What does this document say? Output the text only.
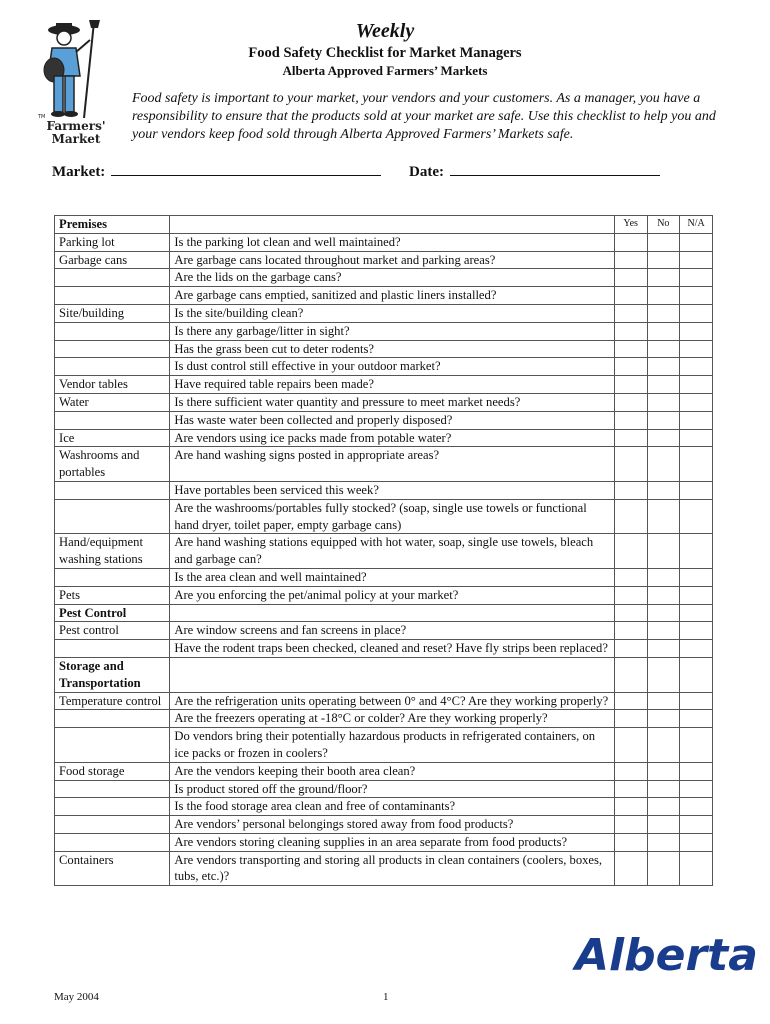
TM
Farmers'
Market
Weekly
Food Safety Checklist for Market Managers
Alberta Approved Farmers’ Markets
Food safety is important to your market, your vendors and your customers. As a manager, you have a responsibility to ensure that the products sold at your market are safe. Use this checklist to help you and your vendors keep food sold through Alberta Approved Farmers’ Markets safe.
Market:	Date:
Premises		Yes	No	N/A
Parking lot	Is the parking lot clean and well maintained?			
Garbage cans	Are garbage cans located throughout market and parking areas?			
	Are the lids on the garbage cans?			
	Are garbage cans emptied, sanitized and plastic liners installed?			
Site/building	Is the site/building clean?			
	Is there any garbage/litter in sight?			
	Has the grass been cut to deter rodents?			
	Is dust control still effective in your outdoor market?			
Vendor tables	Have required table repairs been made?			
Water	Is there sufficient water quantity and pressure to meet market needs?			
	Has waste water been collected and properly disposed?			
Ice	Are vendors using ice packs made from potable water?			
Washrooms and portables	Are hand washing signs posted in appropriate areas?			
	Have portables been serviced this week?			
	Are the washrooms/portables fully stocked? (soap, single use towels or functional hand dryer, toilet paper, empty garbage cans)			
Hand/equipment washing stations	Are hand washing stations equipped with hot water, soap, single use towels, bleach and garbage can?			
	Is the area clean and well maintained?			
Pets	Are you enforcing the pet/animal policy at your market?			
Pest Control				
Pest control	Are window screens and fan screens in place?			
	Have the rodent traps been checked, cleaned and reset? Have fly strips been replaced?			
Storage and Transportation				
Temperature control	Are the refrigeration units operating between 0° and 4°C? Are they working properly?			
	Are the freezers operating at -18°C or colder? Are they working properly?			
	Do vendors bring their potentially hazardous products in refrigerated containers, on ice packs or frozen in coolers?			
Food storage	Are the vendors keeping their booth area clean?			
	Is product stored off the ground/floor?			
	Is the food storage area clean and free of contaminants?			
	Are vendors’ personal belongings stored away from food products?			
	Are vendors storing cleaning supplies in an area separate from food products?			
Containers	Are vendors transporting and storing all products in clean containers (coolers, boxes, tubs, etc.)?			
May 2004	1
Alberta
